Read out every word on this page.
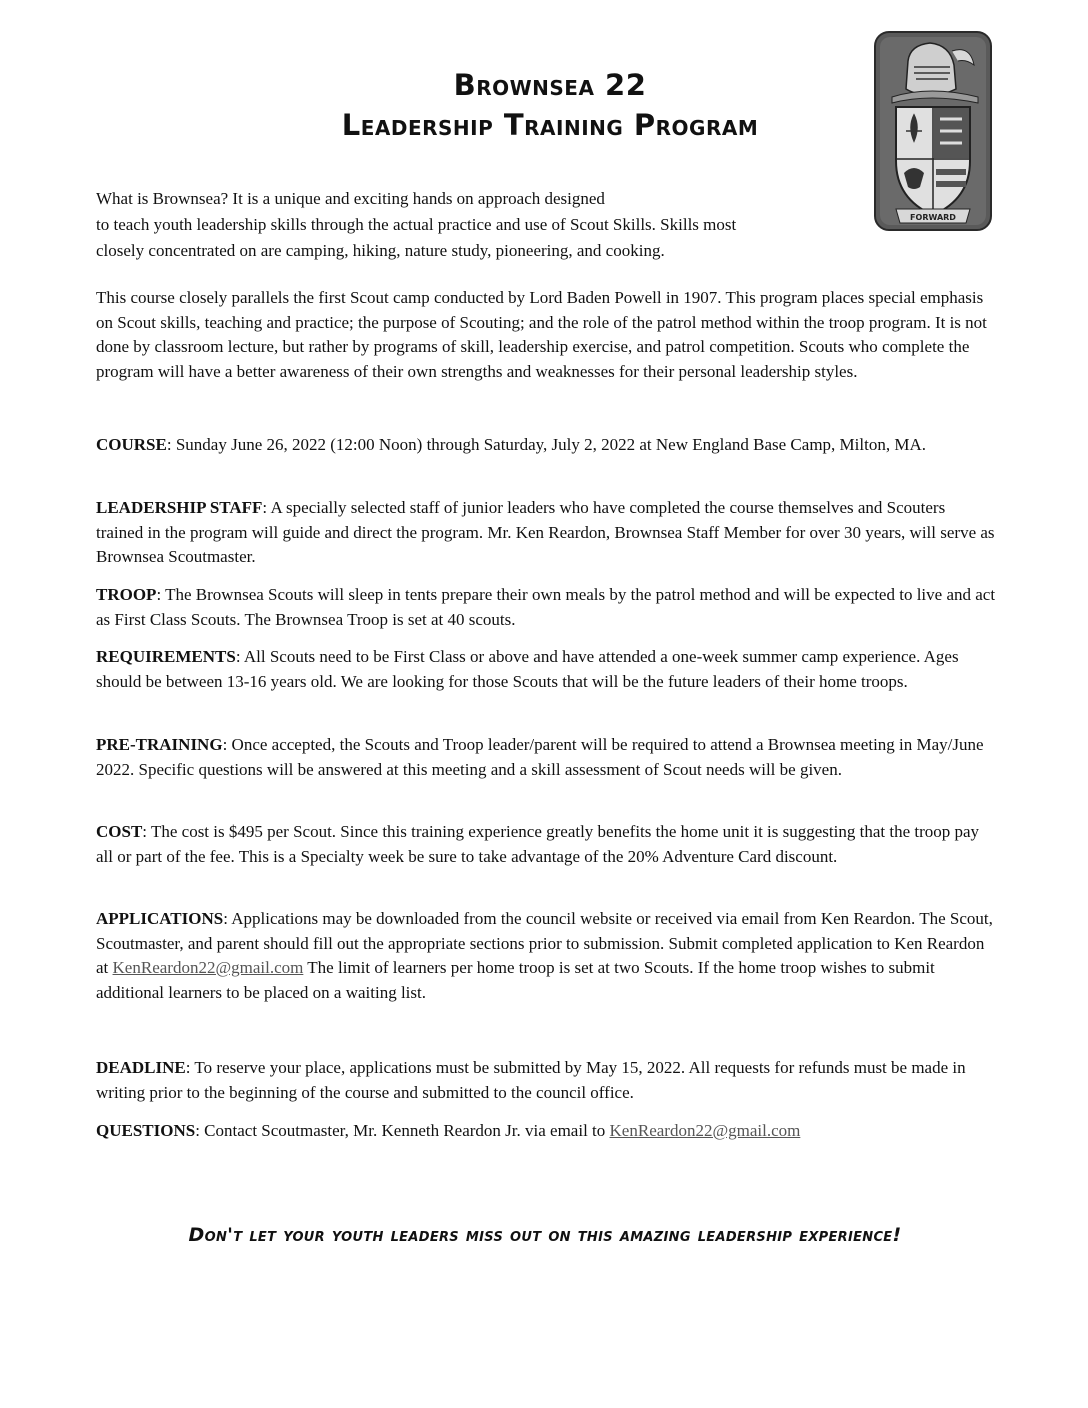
Brownsea 22
Leadership Training Program
FORWARD

What is Brownsea? It is a unique and exciting hands on approach designed
to teach youth leadership skills through the actual practice and use of Scout Skills. Skills most
closely concentrated on are camping, hiking, nature study, pioneering, and cooking.

This course closely parallels the first Scout camp conducted by Lord Baden Powell in 1907. This program places special emphasis on Scout skills, teaching and practice; the purpose of Scouting; and the role of the patrol method within the troop program. It is not done by classroom lecture, but rather by programs of skill, leadership exercise, and patrol competition. Scouts who complete the program will have a better awareness of their own strengths and weaknesses for their personal leadership styles.

COURSE: Sunday June 26, 2022 (12:00 Noon) through Saturday, July 2, 2022 at New England Base Camp, Milton, MA.

LEADERSHIP STAFF: A specially selected staff of junior leaders who have completed the course themselves and Scouters trained in the program will guide and direct the program. Mr. Ken Reardon, Brownsea Staff Member for over 30 years, will serve as Brownsea Scoutmaster.

TROOP: The Brownsea Scouts will sleep in tents prepare their own meals by the patrol method and will be expected to live and act as First Class Scouts. The Brownsea Troop is set at 40 scouts.

REQUIREMENTS: All Scouts need to be First Class or above and have attended a one-week summer camp experience. Ages should be between 13-16 years old. We are looking for those Scouts that will be the future leaders of their home troops.

PRE-TRAINING: Once accepted, the Scouts and Troop leader/parent will be required to attend a Brownsea meeting in May/June 2022. Specific questions will be answered at this meeting and a skill assessment of Scout needs will be given.

COST: The cost is $495 per Scout. Since this training experience greatly benefits the home unit it is suggesting that the troop pay all or part of the fee. This is a Specialty week be sure to take advantage of the 20% Adventure Card discount.

APPLICATIONS: Applications may be downloaded from the council website or received via email from Ken Reardon. The Scout, Scoutmaster, and parent should fill out the appropriate sections prior to submission. Submit completed application to Ken Reardon at KenReardon22@gmail.com The limit of learners per home troop is set at two Scouts. If the home troop wishes to submit additional learners to be placed on a waiting list.

DEADLINE: To reserve your place, applications must be submitted by May 15, 2022. All requests for refunds must be made in writing prior to the beginning of the course and submitted to the council office.

QUESTIONS: Contact Scoutmaster, Mr. Kenneth Reardon Jr. via email to KenReardon22@gmail.com

Don't let your youth leaders miss out on this amazing leadership experience!
